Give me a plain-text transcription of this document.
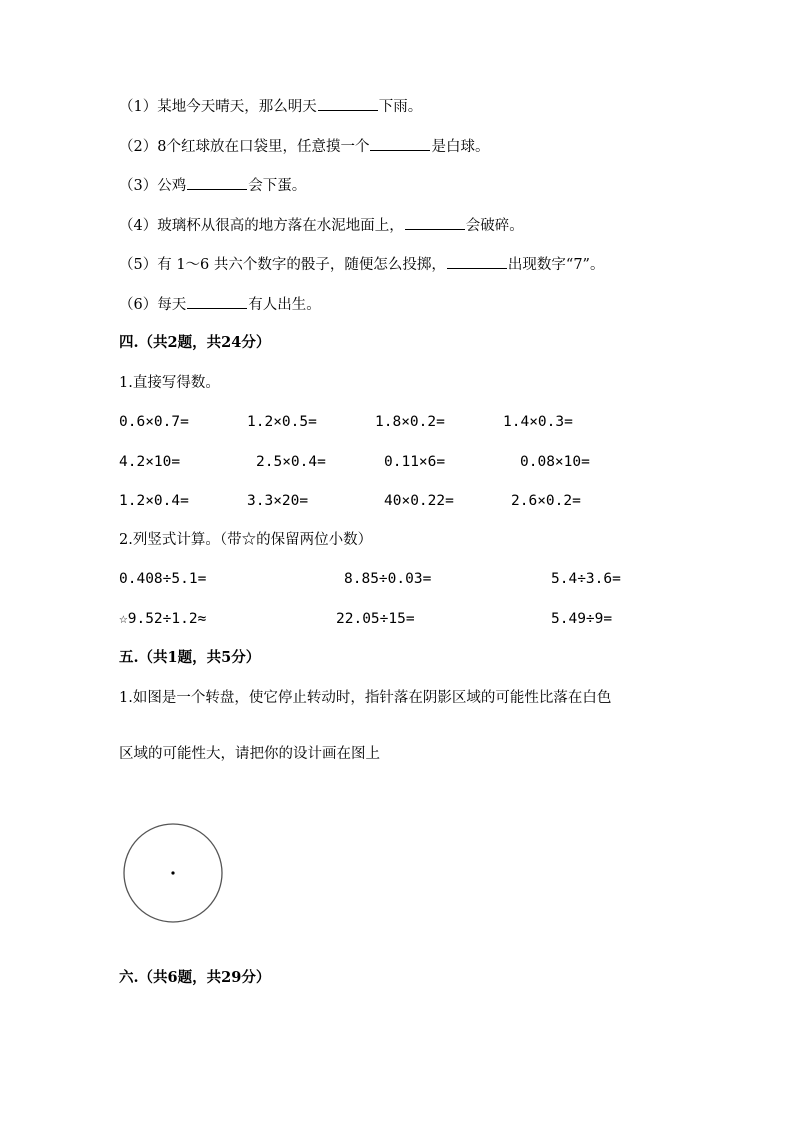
（1）某地今天晴天，那么明天	下雨。
（2）8个红球放在口袋里，任意摸一个	是白球。
（3）公鸡	会下蛋。
（4）玻璃杯从很高的地方落在水泥地面上，	会破碎。
（5）有 1～6 共六个数字的骰子，随便怎么投掷，	出现数字“7”。
（6）每天	有人出生。
四.（共2题，共24分）
1.直接写得数。
0.6×0.7=	1.2×0.5=	1.8×0.2=	1.4×0.3=
4.2×10=	2.5×0.4=	0.11×6=	0.08×10=
1.2×0.4=	3.3×20=	40×0.22=	2.6×0.2=
2.列竖式计算。（带☆的保留两位小数）
0.408÷5.1=	8.85÷0.03=	5.4÷3.6=
☆9.52÷1.2≈	22.05÷15=	5.49÷9=
五.（共1题，共5分）
1.如图是一个转盘，使它停止转动时，指针落在阴影区域的可能性比落在白色
区域的可能性大，请把你的设计画在图上
六.（共6题，共29分）
